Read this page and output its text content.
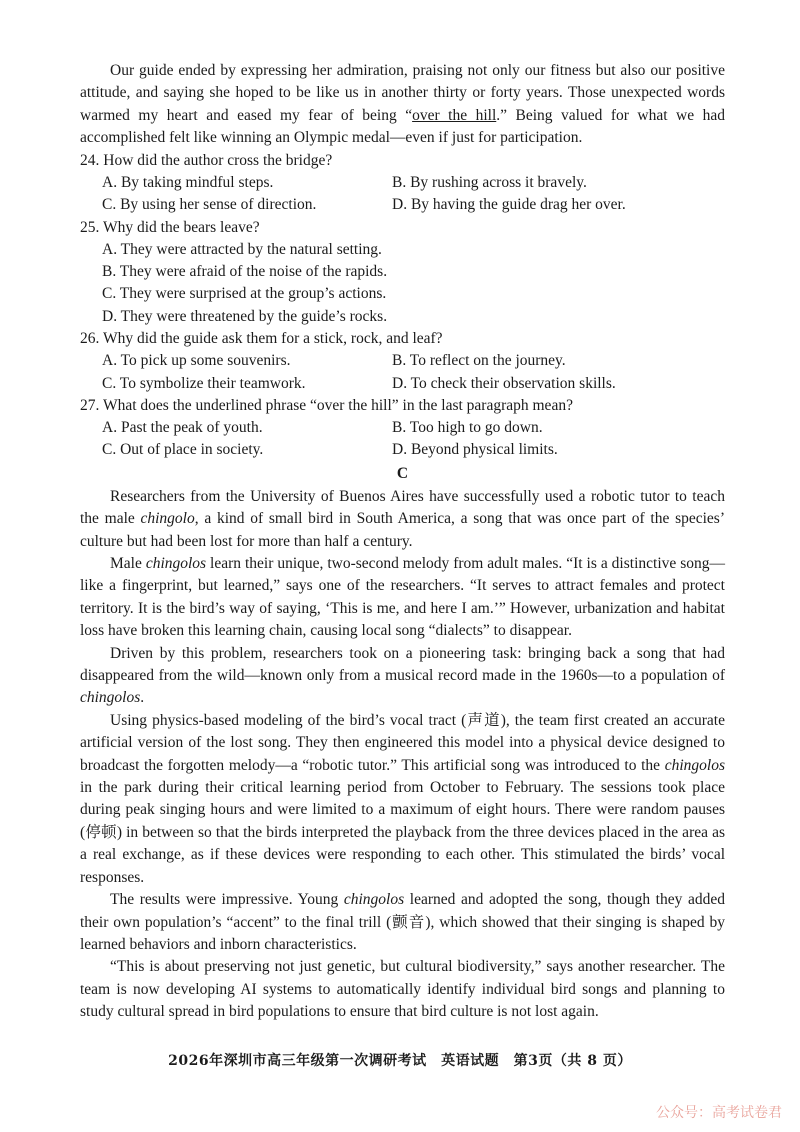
Our guide ended by expressing her admiration, praising not only our fitness but also our positive attitude, and saying she hoped to be like us in another thirty or forty years. Those unexpected words warmed my heart and eased my fear of being “over the hill.” Being valued for what we had accomplished felt like winning an Olympic medal—even if just for participation.

24. How did the author cross the bridge?

A. By taking mindful steps.	B. By rushing across it bravely.
C. By using her sense of direction.	D. By having the guide drag her over.

25. Why did the bears leave?

A. They were attracted by the natural setting.
B. They were afraid of the noise of the rapids.
C. They were surprised at the group’s actions.
D. They were threatened by the guide’s rocks.

26. Why did the guide ask them for a stick, rock, and leaf?

A. To pick up some souvenirs.	B. To reflect on the journey.
C. To symbolize their teamwork.	D. To check their observation skills.

27. What does the underlined phrase “over the hill” in the last paragraph mean?

A. Past the peak of youth.	B. Too high to go down.
C. Out of place in society.	D. Beyond physical limits.

C

Researchers from the University of Buenos Aires have successfully used a robotic tutor to teach the male chingolo, a kind of small bird in South America, a song that was once part of the species’ culture but had been lost for more than half a century.

Male chingolos learn their unique, two-second melody from adult males. “It is a distinctive song—like a fingerprint, but learned,” says one of the researchers. “It serves to attract females and protect territory. It is the bird’s way of saying, ‘This is me, and here I am.’” However, urbanization and habitat loss have broken this learning chain, causing local song “dialects” to disappear.

Driven by this problem, researchers took on a pioneering task: bringing back a song that had disappeared from the wild—known only from a musical record made in the 1960s—to a population of chingolos.

Using physics-based modeling of the bird’s vocal tract (声道), the team first created an accurate artificial version of the lost song. They then engineered this model into a physical device designed to broadcast the forgotten melody—a “robotic tutor.” This artificial song was introduced to the chingolos in the park during their critical learning period from October to February. The sessions took place during peak singing hours and were limited to a maximum of eight hours. There were random pauses (停顿) in between so that the birds interpreted the playback from the three devices placed in the area as a real exchange, as if these devices were responding to each other. This stimulated the birds’ vocal responses.

The results were impressive. Young chingolos learned and adopted the song, though they added their own population’s “accent” to the final trill (颤音), which showed that their singing is shaped by learned behaviors and inborn characteristics.

“This is about preserving not just genetic, but cultural biodiversity,” says another researcher. The team is now developing AI systems to automatically identify individual bird songs and planning to study cultural spread in bird populations to ensure that bird culture is not lost again.

2026年深圳市高三年级第一次调研考试　英语试题　第3页（共 8 页）
公众号：高考试卷君
